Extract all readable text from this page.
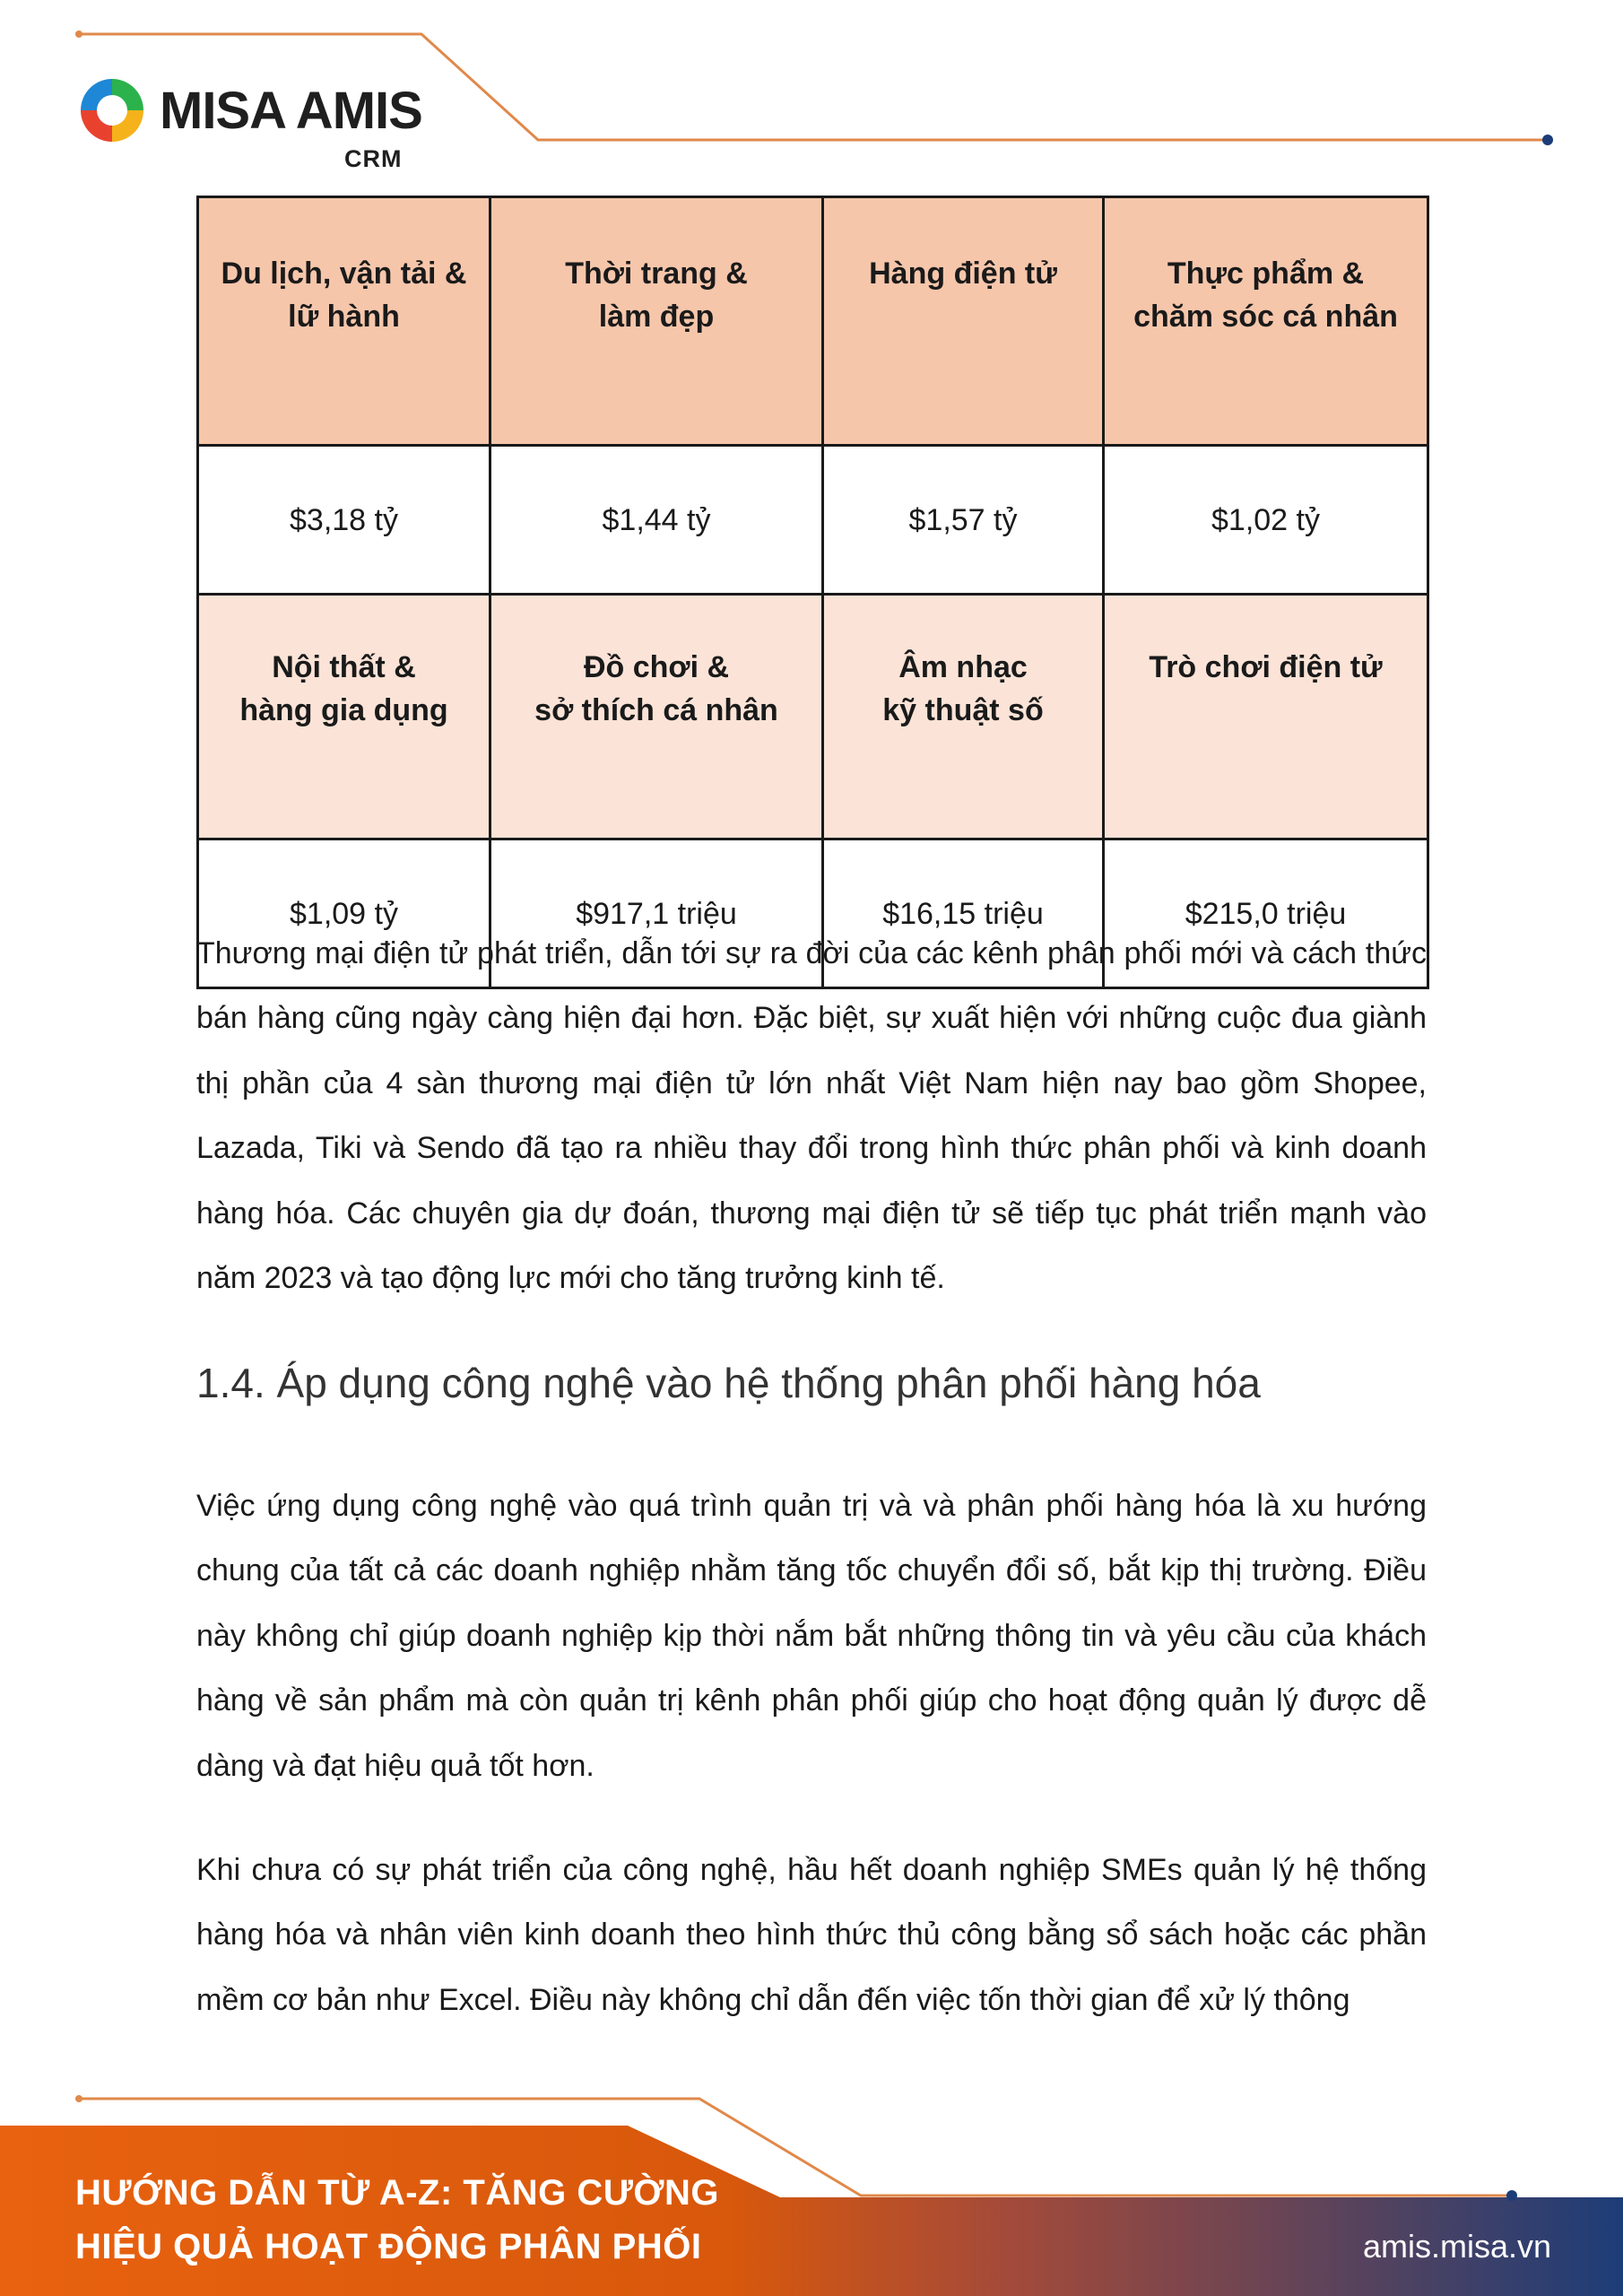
MISA AMIS
CRM
Du lịch, vận tải &
lữ hành	Thời trang &
làm đẹp	Hàng điện tử	Thực phẩm &
chăm sóc cá nhân

$3,18 tỷ	$1,44 tỷ	$1,57 tỷ	$1,02 tỷ

Nội thất &
hàng gia dụng	Đồ chơi &
sở thích cá nhân	Âm nhạc
kỹ thuật số	Trò chơi điện tử

$1,09 tỷ	$917,1 triệu	$16,15 triệu	$215,0 triệu

Thương mại điện tử phát triển, dẫn tới sự ra đời của các kênh phân phối mới và cách thức bán hàng cũng ngày càng hiện đại hơn. Đặc biệt, sự xuất hiện với những cuộc đua giành thị phần của 4 sàn thương mại điện tử lớn nhất Việt Nam hiện nay bao gồm Shopee, Lazada, Tiki và Sendo đã tạo ra nhiều thay đổi trong hình thức phân phối và kinh doanh hàng hóa. Các chuyên gia dự đoán, thương mại điện tử sẽ tiếp tục phát triển mạnh vào năm 2023 và tạo động lực mới cho tăng trưởng kinh tế.

1.4. Áp dụng công nghệ vào hệ thống phân phối hàng hóa

Việc ứng dụng công nghệ vào quá trình quản trị và và phân phối hàng hóa là xu hướng chung của tất cả các doanh nghiệp nhằm tăng tốc chuyển đổi số, bắt kịp thị trường. Điều này không chỉ giúp doanh nghiệp kịp thời nắm bắt những thông tin và yêu cầu của khách hàng về sản phẩm mà còn quản trị kênh phân phối giúp cho hoạt động quản lý được dễ dàng và đạt hiệu quả tốt hơn.

Khi chưa có sự phát triển của công nghệ, hầu hết doanh nghiệp SMEs quản lý hệ thống hàng hóa và nhân viên kinh doanh theo hình thức thủ công bằng sổ sách hoặc các phần mềm cơ bản như Excel. Điều này không chỉ dẫn đến việc tốn thời gian để xử lý thông

HƯỚNG DẪN TỪ A-Z: TĂNG CƯỜNG
HIỆU QUẢ HOẠT ĐỘNG PHÂN PHỐI	amis.misa.vn
